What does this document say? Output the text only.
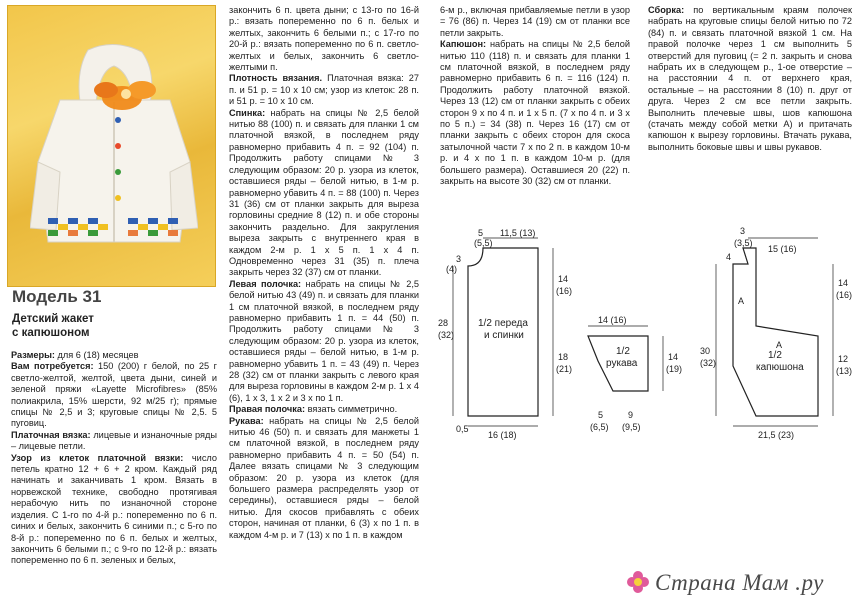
Модель 31
Детский жакет
с капюшоном

Размеры: для 6 (18) месяцев

Вам потребуется: 150 (200) г белой, по 25 г светло-желтой, желтой, цвета дыни, синей и зеленой пряжи «Layette Microfibres» (85% полиакрила, 15% шерсти, 92 м/25 г); прямые спицы № 2,5 и 3; круговые спицы № 2,5. 5 пуговиц.

Платочная вязка: лицевые и изнаночные ряды – лицевые петли.

Узор из клеток платочной вязки: число петель кратно 12 + 6 + 2 кром. Каждый ряд начинать и заканчивать 1 кром. Вязать в норвежской технике, свободно протягивая нерабочую нить по изнаночной стороне изделия. С 1-го по 4-й р.: попеременно по 6 п. синих и белых, закончить 6 синими п.; с 5-го по 8-й р.: попеременно по 6 п. белых и желтых, закончить 6 белыми п.; с 9-го по 12-й р.: вязать попеременно по 6 п. зеленых и белых,

закончить 6 п. цвета дыни; с 13-го по 16-й р.: вязать попеременно по 6 п. белых и желтых, закончить 6 белыми п.; с 17-го по 20-й р.: вязать попеременно по 6 п. светло-желтых и белых, закончить 6 светло-желтыми п.

Плотность вязания. Платочная вязка: 27 п. и 51 р. = 10 х 10 см; узор из клеток: 28 п. и 51 р. = 10 х 10 см.

Спинка: набрать на спицы № 2,5 белой нитью 88 (100) п. и связать для планки 1 см платочной вязкой, в последнем ряду равномерно прибавить 4 п. = 92 (104) п. Продолжить работу спицами № 3 следующим образом: 20 р. узора из клеток, оставшиеся ряды – белой нитью, в 1-м р. равномерно убавить 4 п. = 88 (100) п. Через 31 (36) см от планки закрыть для выреза горловины средние 8 (12) п. и обе стороны закончить раздельно. Для закругления выреза закрыть с внутреннего края в каждом 2-м р. 1 х 5 п. 1 х 4 п. Одновременно через 31 (35) п. плеча закрыть через 32 (37) см от планки.

Левая полочка: набрать на спицы № 2,5 белой нитью 43 (49) п. и связать для планки 1 см платочной вязкой, в последнем ряду равномерно прибавить 1 п. = 44 (50) п. Продолжить работу спицами № 3 следующим образом: 20 р. узора из клеток, оставшиеся ряды – белой нитью, в 1-м р. равномерно убавить 1 п. = 43 (49) п. Через 28 (32) см от планки закрыть с левого края для выреза горловины в каждом 2-м р. 1 х 4 (6), 1 х 3, 1 х 2 и 3 х по 1 п.

Правая полочка: вязать симметрично.

Рукава: набрать на спицы № 2,5 белой нитью 46 (50) п. и связать для манжеты 1 см платочной вязкой, в последнем ряду равномерно прибавить 4 п. = 50 (54) п. Далее вязать спицами № 3 следующим образом: 20 р. узора из клеток (для большего размера распределять узор от середины), оставшиеся ряды – белой нитью. Для скосов прибавлять с обеих сторон, начиная от планки, 6 (3) х по 1 п. в каждом 4-м р. и 7 (13) х по 1 п. в каждом

6-м р., включая прибавляемые петли в узор = 76 (86) п. Через 14 (19) см от планки все петли закрыть.

Капюшон: набрать на спицы № 2,5 белой нитью 110 (118) п. и связать для планки 1 см платочной вязкой, в последнем ряду равномерно прибавить 6 п. = 116 (124) п. Продолжить работу платочной вязкой. Через 13 (12) см от планки закрыть с обеих сторон 9 х по 4 п. и 1 х 5 п. (7 х по 4 п. и 3 х по 5 п.) = 34 (38) п. Через 16 (17) см от планки закрыть с обеих сторон для скоса затылочной части 7 х по 2 п. в каждом 10-м р. и 4 х по 1 п. в каждом 10-м р. (для большего размера). Оставшиеся 20 (22) п. закрыть на высоте 30 (32) см от планки.

Сборка: по вертикальным краям полочек набрать на круговые спицы белой нитью по 72 (84) п. и связать платочной вязкой 1 см. На правой полочке через 1 см выполнить 5 отверстий для пуговиц (= 2 п. закрыть и снова набрать их в следующем р., 1-ое отверстие – на расстоянии 4 п. от верхнего края, остальные – на расстоянии 8 (10) п. друг от друга. Через 2 см все петли закрыть. Выполнить плечевые швы, шов капюшона (стачать между собой метки А) и притачать капюшон к вырезу горловины. Втачать рукава, выполнить боковые швы и швы рукавов.

1/2 переда
и спинки
5
(5,5)
11,5 (13)
3
(4)
14
(16)
28
(32)
18
(21)
0,5
16 (18)
1/2
рукава
14 (16)
14
(19)
5
(6,5)
9
(9,5)
1/2
капюшона
3
(3,5)
4
15 (16)
14
(16)
A
A
30
(32)	12
(13)
21,5 (23)
Страна Мам .ру
